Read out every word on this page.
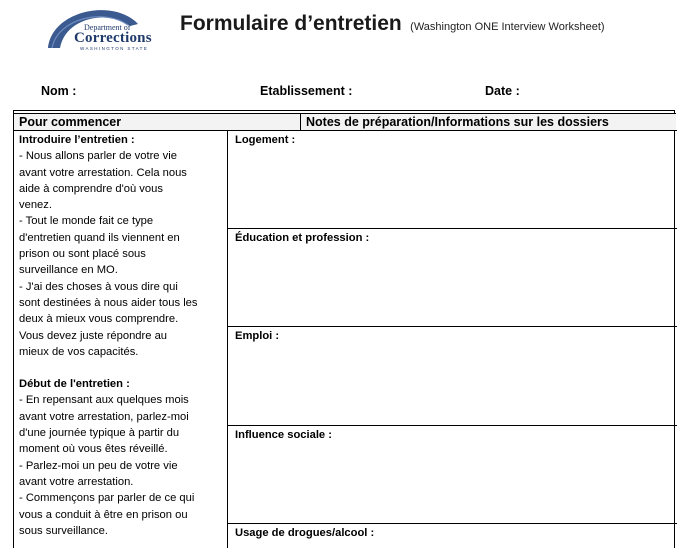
Department of
Corrections
WASHINGTON STATE
Formulaire d’entretien (Washington ONE Interview Worksheet)
Nom :	Etablissement :	Date :
Pour commencer	Notes de préparation/Informations sur les dossiers
Introduire l’entretien :
- Nous allons parler de votre vie
avant votre arrestation. Cela nous
aide à comprendre d'où vous
venez.
- Tout le monde fait ce type
d'entretien quand ils viennent en
prison ou sont placé sous
surveillance en MO.
- J'ai des choses à vous dire qui
sont destinées à nous aider tous les
deux à mieux vous comprendre.
Vous devez juste répondre au
mieux de vos capacités.
Début de l'entretien :
- En repensant aux quelques mois
avant votre arrestation, parlez-moi
d'une journée typique à partir du
moment où vous êtes réveillé.
- Parlez-moi un peu de votre vie
avant votre arrestation.
- Commençons par parler de ce qui
vous a conduit à être en prison ou
sous surveillance.
Logement :
Éducation et profession :
Emploi :
Influence sociale :
Usage de drogues/alcool :
